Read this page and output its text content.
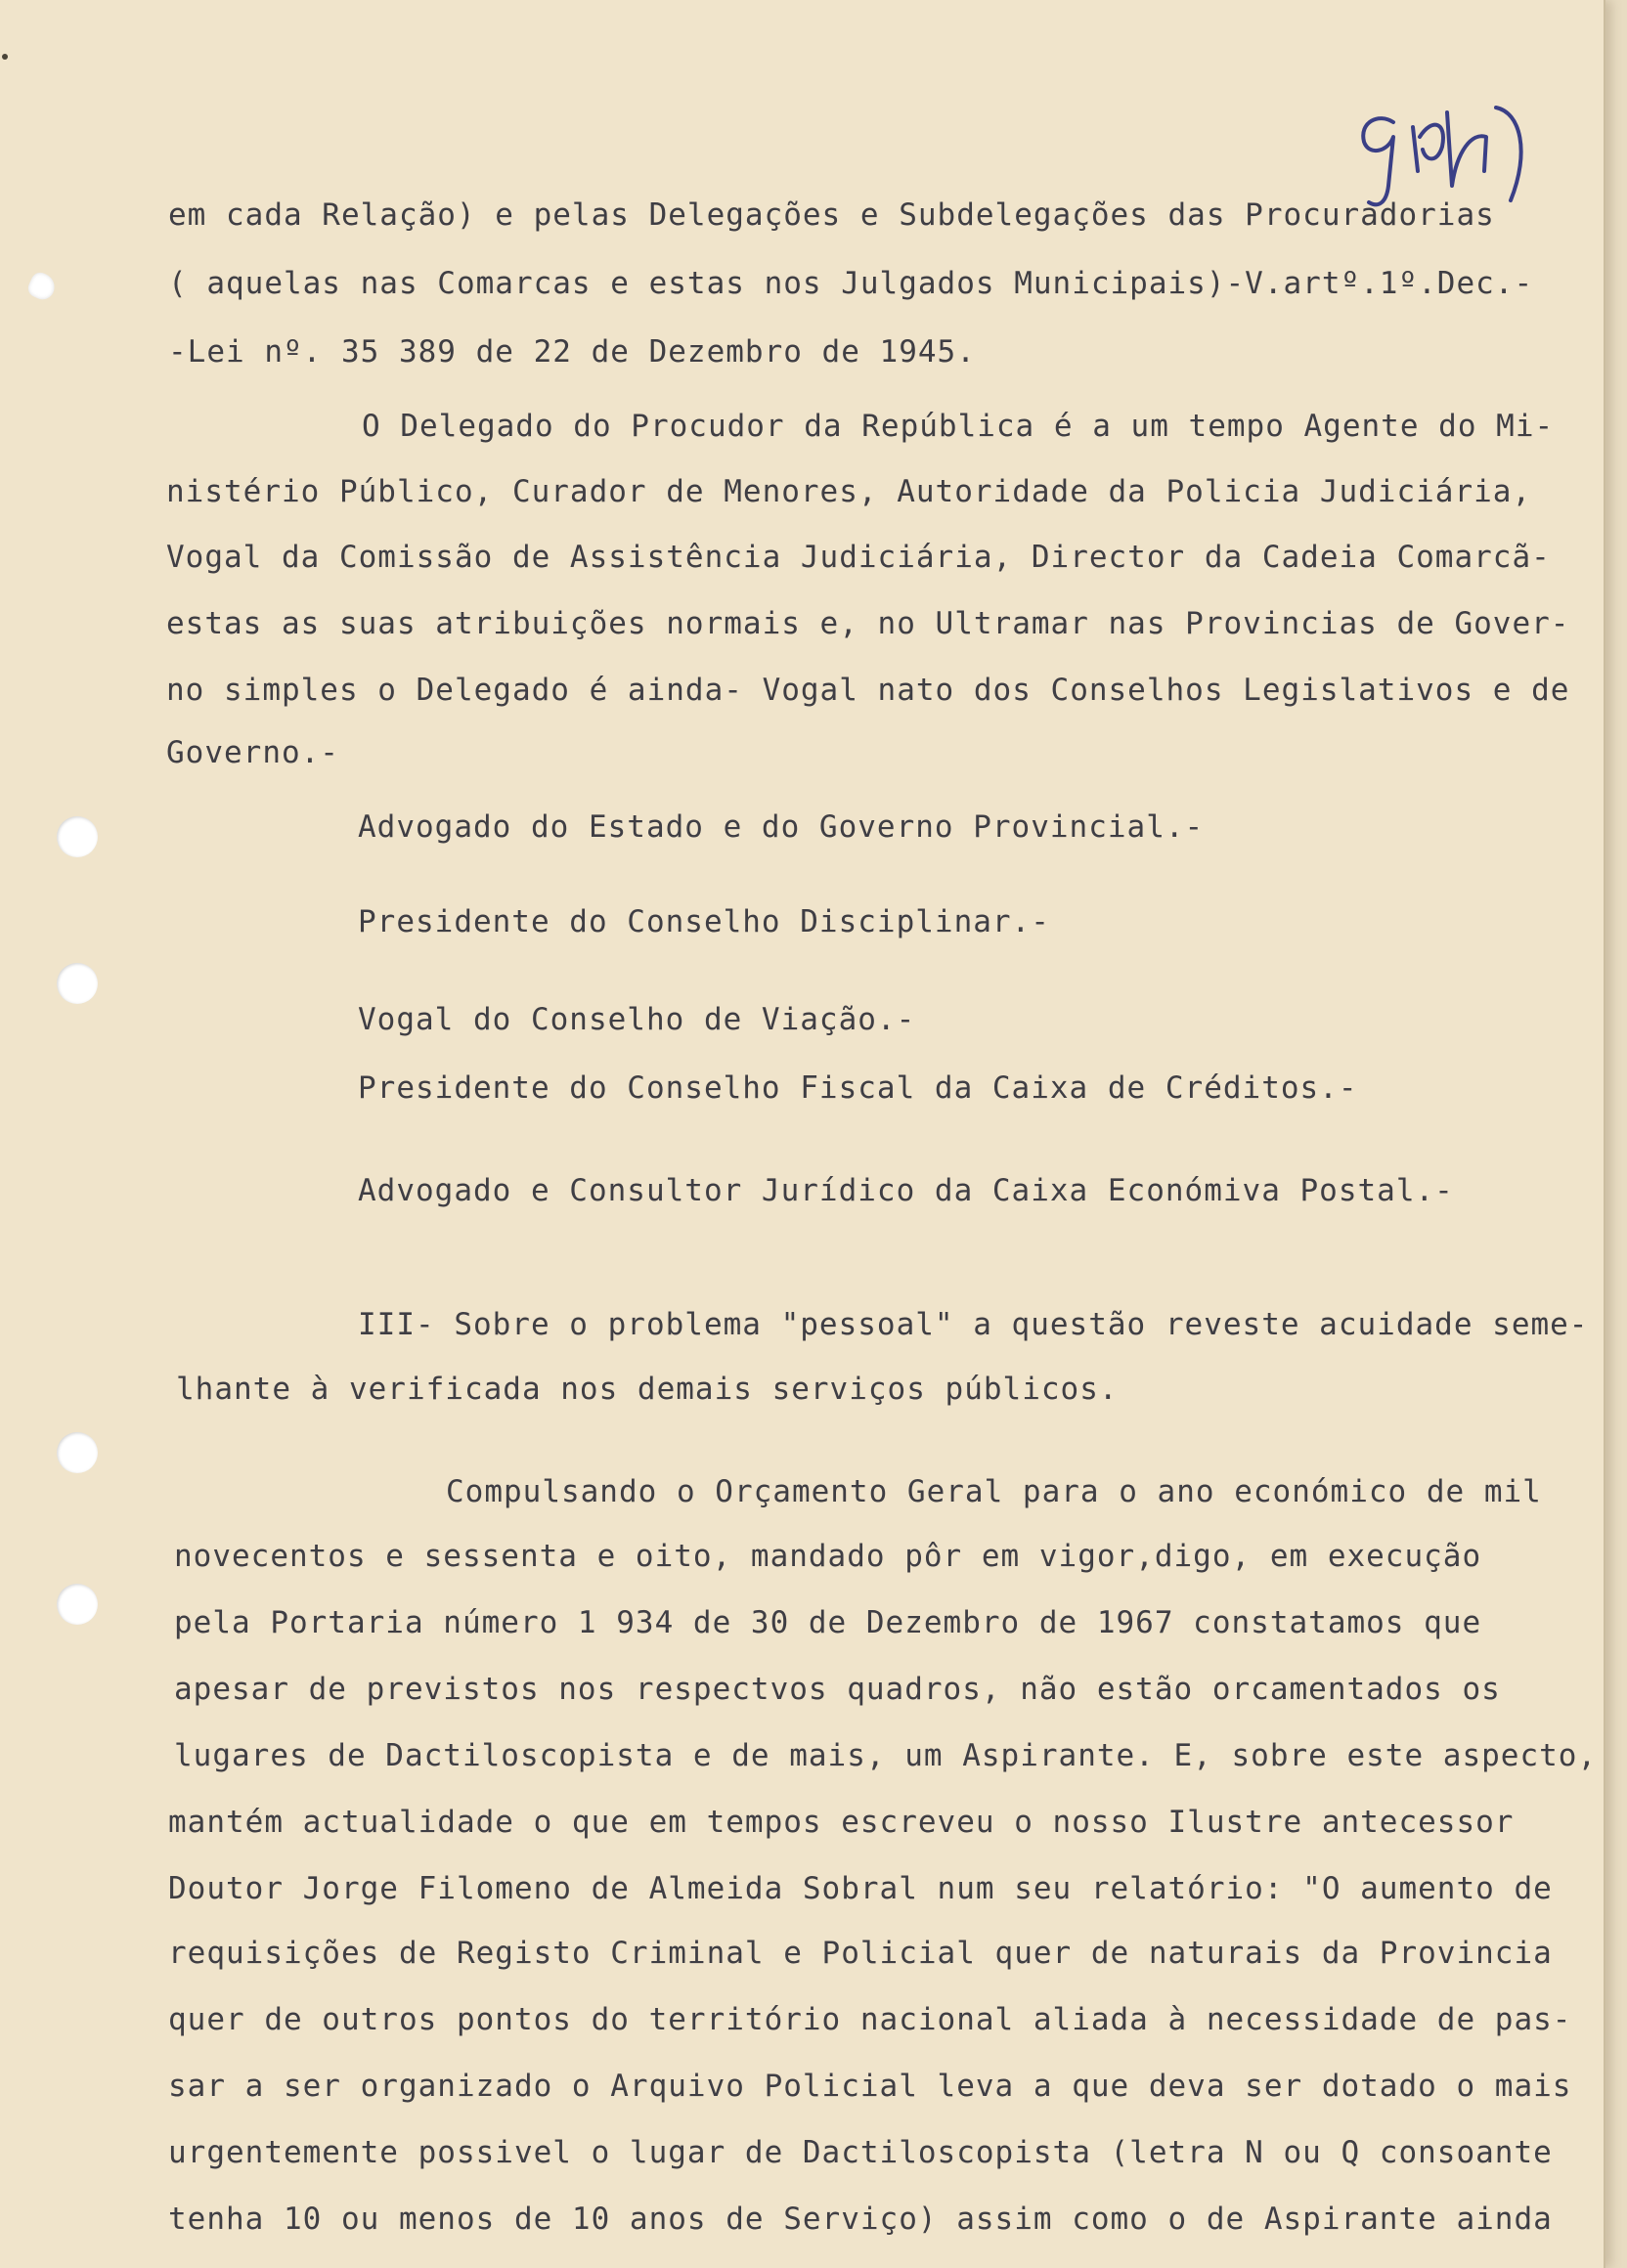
em cada Relação) e pelas Delegações e Subdelegações das Procuradorias
( aquelas nas Comarcas e estas nos Julgados Municipais)-V.artº.1º.Dec.-
-Lei nº. 35 389 de 22 de Dezembro de 1945.
O Delegado do Procudor da República é a um tempo Agente do Mi-
nistério Público, Curador de Menores, Autoridade da Policia Judiciária,
Vogal da Comissão de Assistência Judiciária, Director da Cadeia Comarcã-
estas as suas atribuições normais e, no Ultramar nas Provincias de Gover-
no simples o Delegado é ainda- Vogal nato dos Conselhos Legislativos e de
Governo.-
Advogado do Estado e do Governo Provincial.-
Presidente do Conselho Disciplinar.-
Vogal do Conselho de Viação.-
Presidente do Conselho Fiscal da Caixa de Créditos.-
Advogado e Consultor Jurídico da Caixa Económiva Postal.-
III- Sobre o problema "pessoal" a questão reveste acuidade seme-
lhante à verificada nos demais serviços públicos.
Compulsando o Orçamento Geral para o ano económico de mil
novecentos e sessenta e oito, mandado pôr em vigor,digo, em execução
pela Portaria número 1 934 de 30 de Dezembro de 1967 constatamos que
apesar de previstos nos respectvos quadros, não estão orcamentados os
lugares de Dactiloscopista e de mais, um Aspirante. E, sobre este aspecto,
mantém actualidade o que em tempos escreveu o nosso Ilustre antecessor
Doutor Jorge Filomeno de Almeida Sobral num seu relatório: "O aumento de
requisições de Registo Criminal e Policial quer de naturais da Provincia
quer de outros pontos do território nacional aliada à necessidade de pas-
sar a ser organizado o Arquivo Policial leva a que deva ser dotado o mais
urgentemente possivel o lugar de Dactiloscopista (letra N ou Q consoante
tenha 10 ou menos de 10 anos de Serviço) assim como o de Aspirante ainda
